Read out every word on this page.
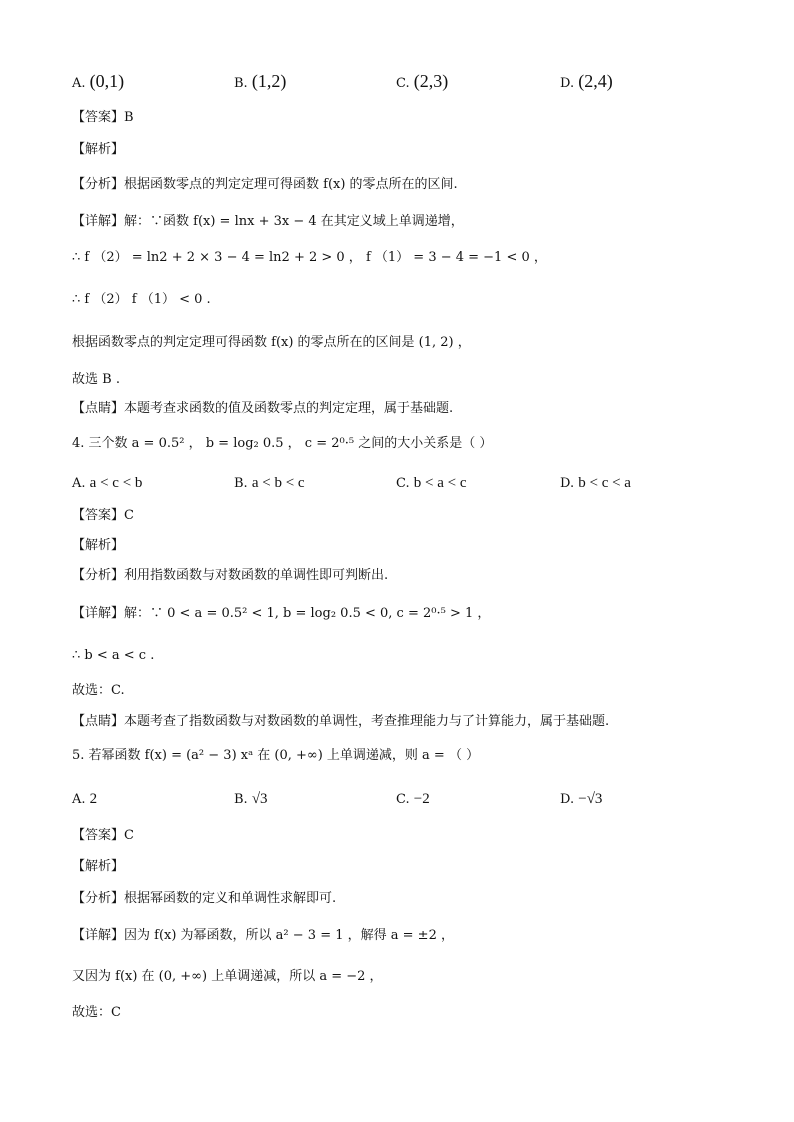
A. (0,1)	B. (1,2)	C. (2,3)	D. (2,4)
【答案】B
【解析】
【分析】根据函数零点的判定定理可得函数 f(x) 的零点所在的区间.
【详解】解：∵函数 f(x) = lnx + 3x − 4 在其定义域上单调递增，
∴ f （2） = ln2 + 2 × 3 − 4 = ln2 + 2 > 0 ， f （1） = 3 − 4 = −1 < 0 ，
∴ f （2） f （1） < 0 .
根据函数零点的判定定理可得函数 f(x) 的零点所在的区间是 (1, 2) ，
故选 B .
【点睛】本题考查求函数的值及函数零点的判定定理，属于基础题.
4. 三个数 a = 0.5² ， b = log₂ 0.5 ， c = 2⁰·⁵ 之间的大小关系是（ ）
A. a < c < b	B. a < b < c	C. b < a < c	D. b < c < a
【答案】C
【解析】
【分析】利用指数函数与对数函数的单调性即可判断出.
【详解】解：∵ 0 < a = 0.5² < 1, b = log₂ 0.5 < 0, c = 2⁰·⁵ > 1 ，
∴ b < a < c .
故选：C.
【点睛】本题考查了指数函数与对数函数的单调性，考查推理能力与了计算能力，属于基础题.
5. 若幂函数 f(x) = (a² − 3) xᵃ 在 (0, +∞) 上单调递减，则 a = （ ）
A. 2	B. √3	C. −2	D. −√3
【答案】C
【解析】
【分析】根据幂函数的定义和单调性求解即可.
【详解】因为 f(x) 为幂函数，所以 a² − 3 = 1 ，解得 a = ±2 ，
又因为 f(x) 在 (0, +∞) 上单调递减，所以 a = −2 ，
故选：C
